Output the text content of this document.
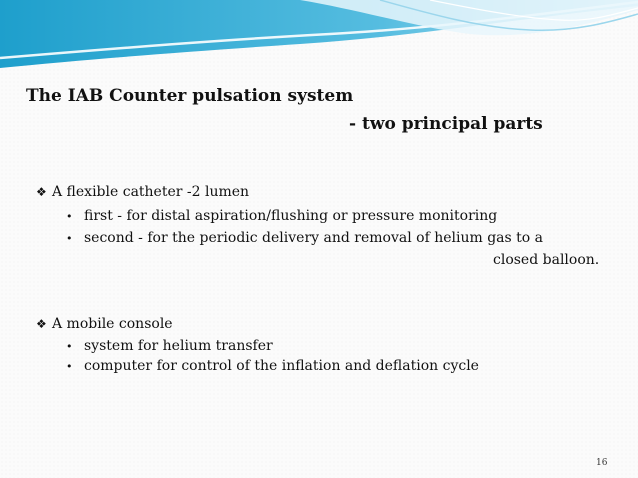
The IAB Counter pulsation system
- two principal parts
❖ A flexible catheter -2 lumen
• first - for distal aspiration/flushing or pressure monitoring
• second - for the periodic delivery and removal of helium gas to a
closed balloon.
❖ A mobile console
• system for helium transfer
• computer for control of the inflation and deflation cycle
16
